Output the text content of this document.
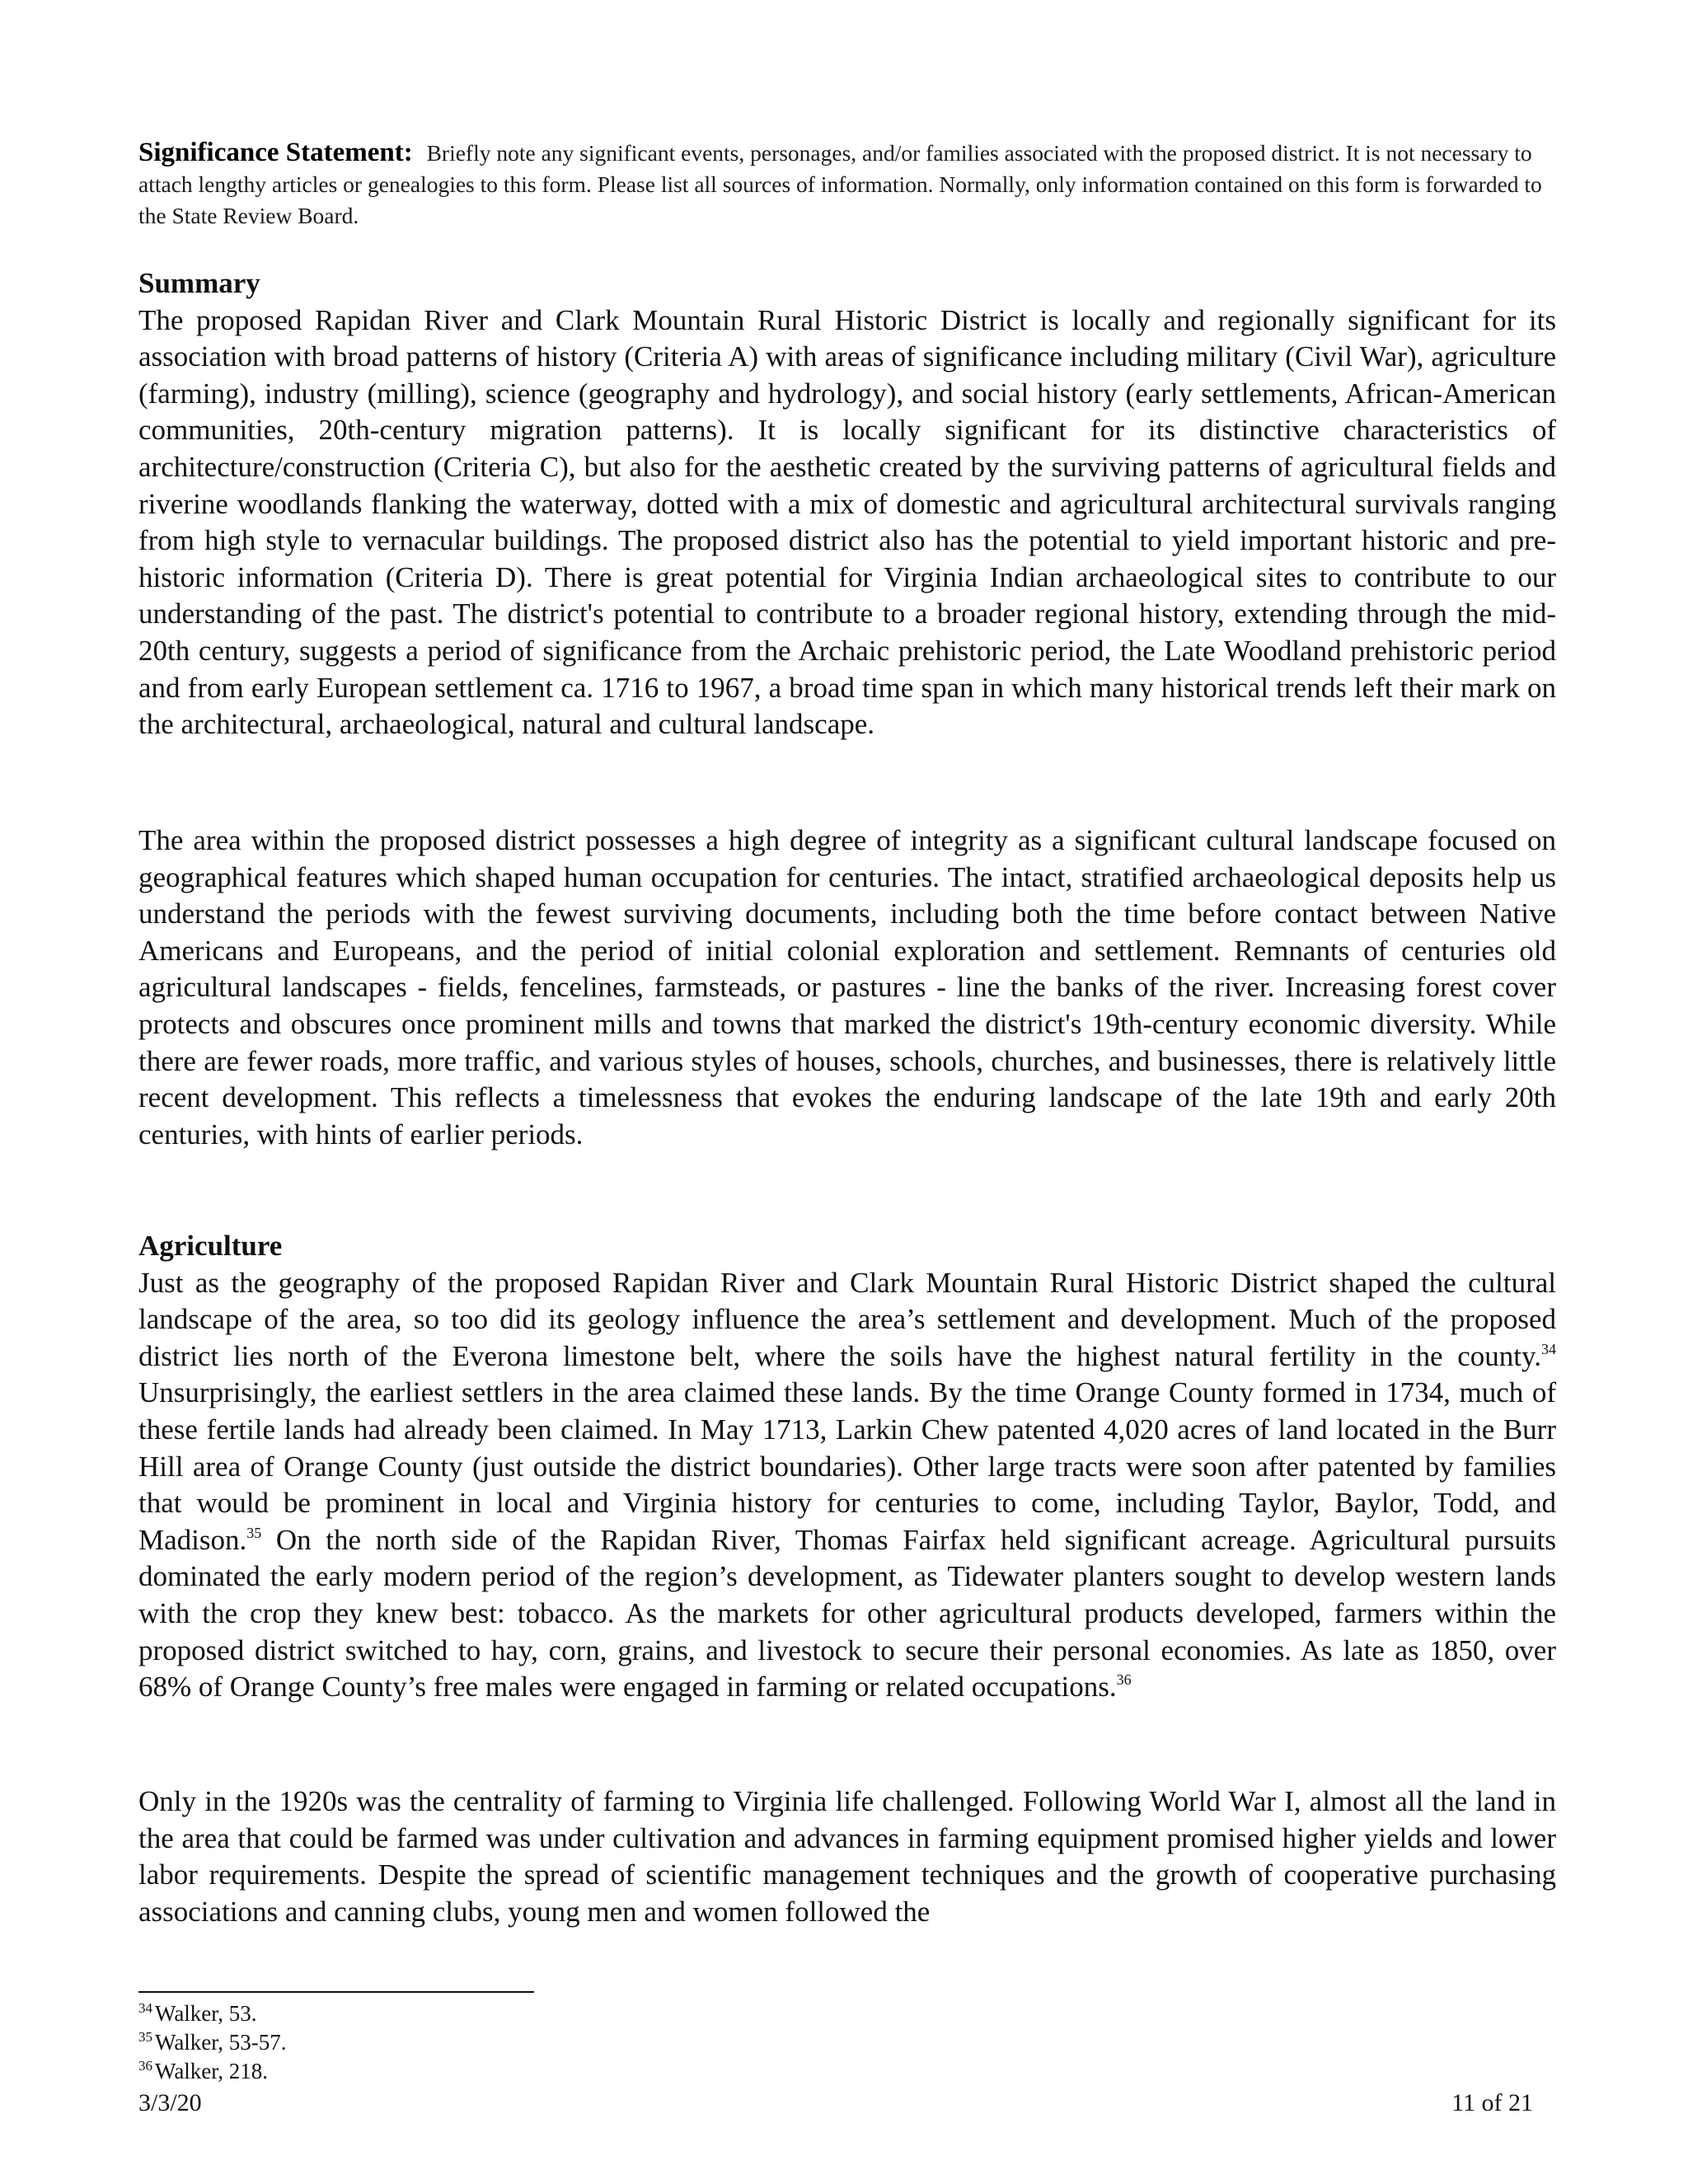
Significance Statement: Briefly note any significant events, personages, and/or families associated with the proposed district. It is not necessary to attach lengthy articles or genealogies to this form. Please list all sources of information. Normally, only information contained on this form is forwarded to the State Review Board.

Summary

The proposed Rapidan River and Clark Mountain Rural Historic District is locally and regionally significant for its association with broad patterns of history (Criteria A) with areas of significance including military (Civil War), agriculture (farming), industry (milling), science (geography and hydrology), and social history (early settlements, African-American communities, 20th-century migration patterns). It is locally significant for its distinctive characteristics of architecture/construction (Criteria C), but also for the aesthetic created by the surviving patterns of agricultural fields and riverine woodlands flanking the waterway, dotted with a mix of domestic and agricultural architectural survivals ranging from high style to vernacular buildings. The proposed district also has the potential to yield important historic and pre-historic information (Criteria D). There is great potential for Virginia Indian archaeological sites to contribute to our understanding of the past. The district's potential to contribute to a broader regional history, extending through the mid-20th century, suggests a period of significance from the Archaic prehistoric period, the Late Woodland prehistoric period and from early European settlement ca. 1716 to 1967, a broad time span in which many historical trends left their mark on the architectural, archaeological, natural and cultural landscape.

The area within the proposed district possesses a high degree of integrity as a significant cultural landscape focused on geographical features which shaped human occupation for centuries. The intact, stratified archaeological deposits help us understand the periods with the fewest surviving documents, including both the time before contact between Native Americans and Europeans, and the period of initial colonial exploration and settlement. Remnants of centuries old agricultural landscapes - fields, fencelines, farmsteads, or pastures - line the banks of the river. Increasing forest cover protects and obscures once prominent mills and towns that marked the district's 19th-century economic diversity. While there are fewer roads, more traffic, and various styles of houses, schools, churches, and businesses, there is relatively little recent development. This reflects a timelessness that evokes the enduring landscape of the late 19th and early 20th centuries, with hints of earlier periods.

Agriculture

Just as the geography of the proposed Rapidan River and Clark Mountain Rural Historic District shaped the cultural landscape of the area, so too did its geology influence the area’s settlement and development. Much of the proposed district lies north of the Everona limestone belt, where the soils have the highest natural fertility in the county.$^{34}$ Unsurprisingly, the earliest settlers in the area claimed these lands. By the time Orange County formed in 1734, much of these fertile lands had already been claimed. In May 1713, Larkin Chew patented 4,020 acres of land located in the Burr Hill area of Orange County (just outside the district boundaries). Other large tracts were soon after patented by families that would be prominent in local and Virginia history for centuries to come, including Taylor, Baylor, Todd, and Madison.$^{35}$ On the north side of the Rapidan River, Thomas Fairfax held significant acreage. Agricultural pursuits dominated the early modern period of the region’s development, as Tidewater planters sought to develop western lands with the crop they knew best: tobacco. As the markets for other agricultural products developed, farmers within the proposed district switched to hay, corn, grains, and livestock to secure their personal economies. As late as 1850, over 68% of Orange County’s free males were engaged in farming or related occupations.$^{36}$

Only in the 1920s was the centrality of farming to Virginia life challenged. Following World War I, almost all the land in the area that could be farmed was under cultivation and advances in farming equipment promised higher yields and lower labor requirements. Despite the spread of scientific management techniques and the growth of cooperative purchasing associations and canning clubs, young men and women followed the

$^{34}$ Walker, 53.
$^{35}$ Walker, 53-57.
$^{36}$ Walker, 218.
3/3/20	11 of 21
